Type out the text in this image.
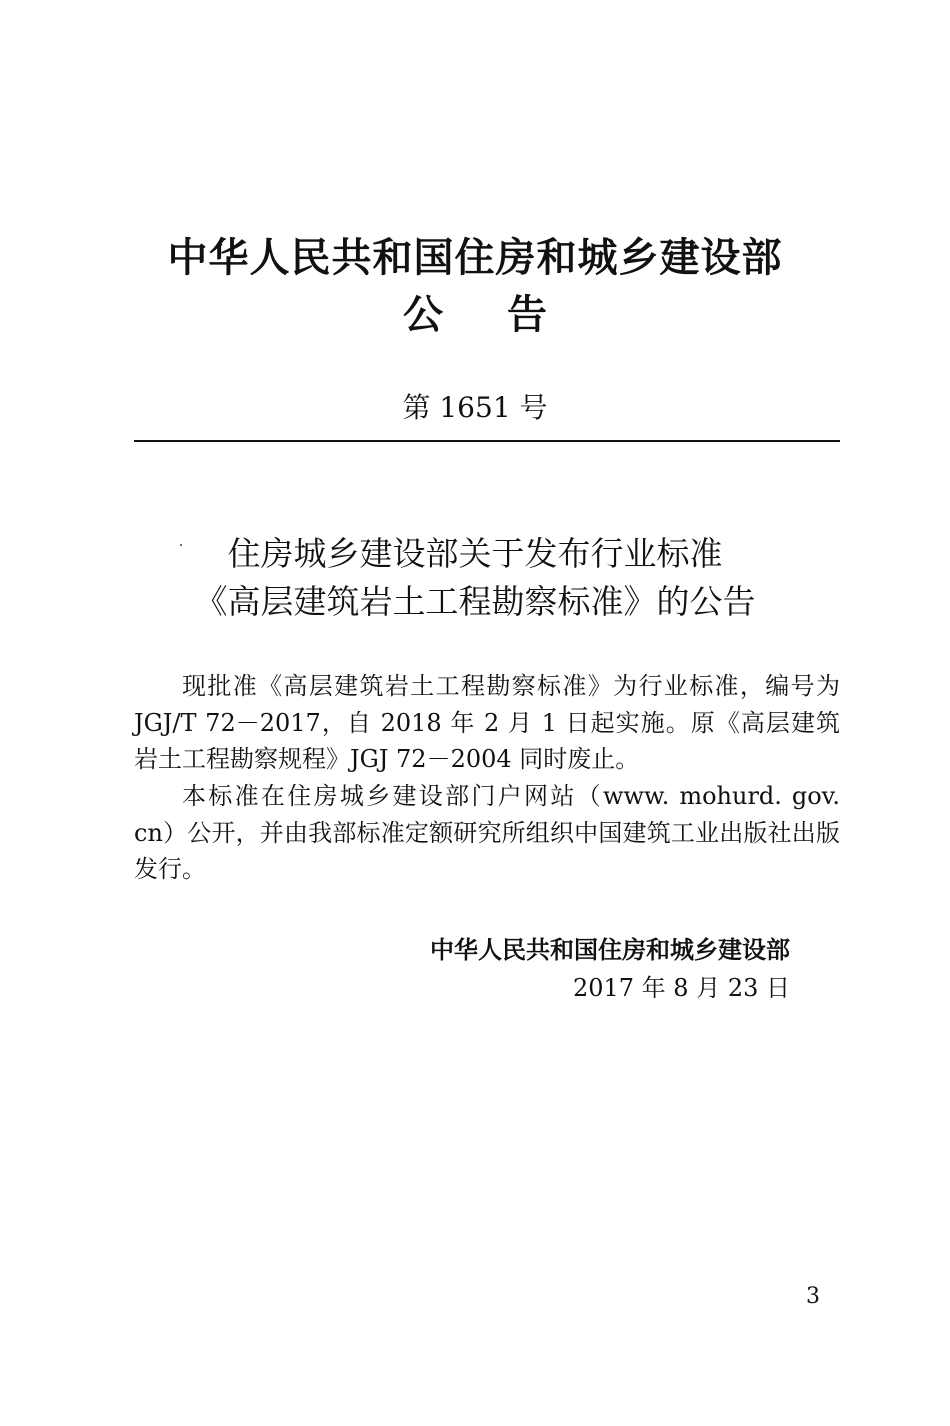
中华人民共和国住房和城乡建设部
公告
第 1651 号
住房城乡建设部关于发布行业标准
《高层建筑岩土工程勘察标准》的公告
现批准《高层建筑岩土工程勘察标准》为行业标准，编号为JGJ/T 72－2017，自 2018 年 2 月 1 日起实施。原《高层建筑岩土工程勘察规程》JGJ 72－2004 同时废止。
本标准在住房城乡建设部门户网站（www. mohurd. gov. cn）公开，并由我部标准定额研究所组织中国建筑工业出版社出版发行。
中华人民共和国住房和城乡建设部
2017 年 8 月 23 日
3
